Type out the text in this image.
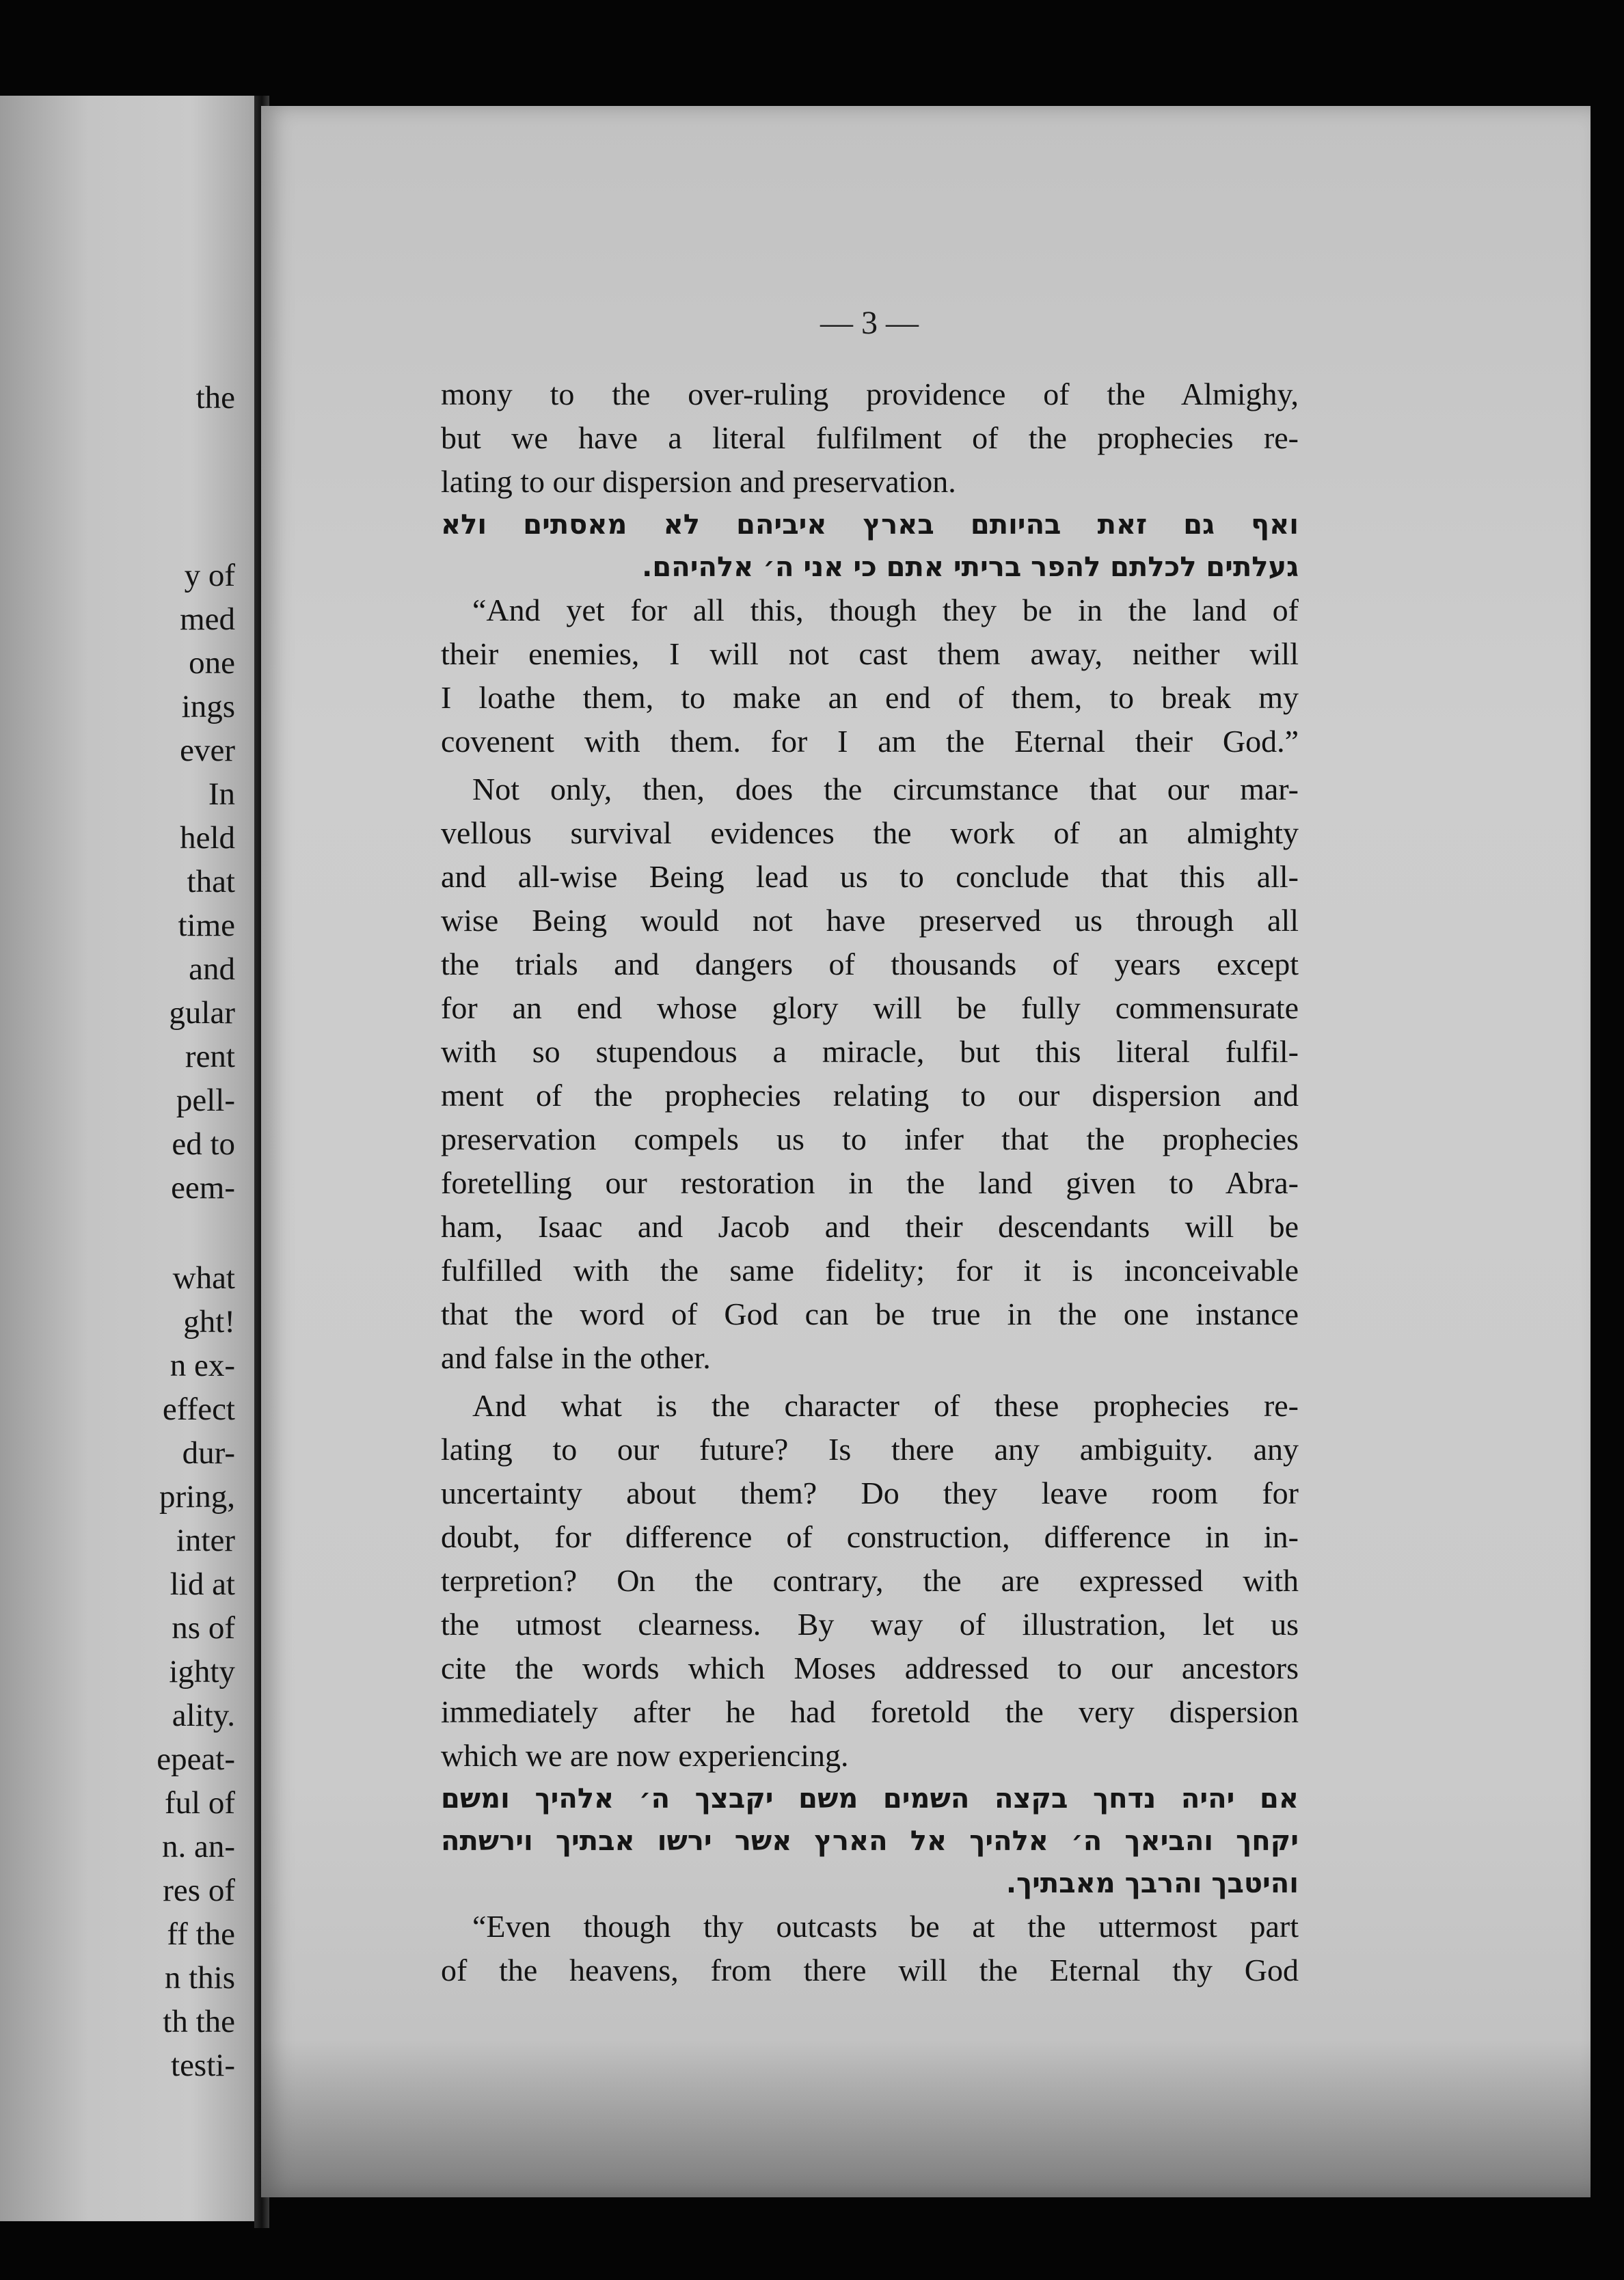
the

y of

med

one

ings

ever

In

held

that

time

and

gular

rent

pell-

ed to

eem-

what

ght!

n ex-

effect

dur-

pring,

inter

lid at

ns of

ighty

ality.

epeat-

ful of

n. an-

res of

ff the

n this

th the

testi-

— 3 —

mony to the over-ruling providence of the Almighy,

but we have a literal fulfilment of the prophecies re-

lating to our dispersion and preservation.

ואף גם זאת בהיותם בארץ איביהם לא מאסתים ולא

געלתים לכלתם להפר בריתי אתם כי אני ה׳ אלהיהם.

“And yet for all this, though they be in the land of

their enemies, I will not cast them away, neither will

I loathe them, to make an end of them, to break my

covenent with them. for I am the Eternal their God.”

Not only, then, does the circumstance that our mar-

vellous survival evidences the work of an almighty

and all-wise Being lead us to conclude that this all-

wise Being would not have preserved us through all

the trials and dangers of thousands of years except

for an end whose glory will be fully commensurate

with so stupendous a miracle, but this literal fulfil-

ment of the prophecies relating to our dispersion and

preservation compels us to infer that the prophecies

foretelling our restoration in the land given to Abra-

ham, Isaac and Jacob and their descendants will be

fulfilled with the same fidelity; for it is inconceivable

that the word of God can be true in the one instance

and false in the other.

And what is the character of these prophecies re-

lating to our future? Is there any ambiguity. any

uncertainty about them? Do they leave room for

doubt, for difference of construction, difference in in-

terpretion? On the contrary, the are expressed with

the utmost clearness. By way of illustration, let us

cite the words which Moses addressed to our ancestors

immediately after he had foretold the very dispersion

which we are now experiencing.

אם יהיה נדחך בקצה השמים משם יקבצך ה׳ אלהיך ומשם

יקחך והביאך ה׳ אלהיך אל הארץ אשר ירשו אבתיך וירשתה

והיטבך והרבך מאבתיך.

“Even though thy outcasts be at the uttermost part

of the heavens, from there will the Eternal thy God
